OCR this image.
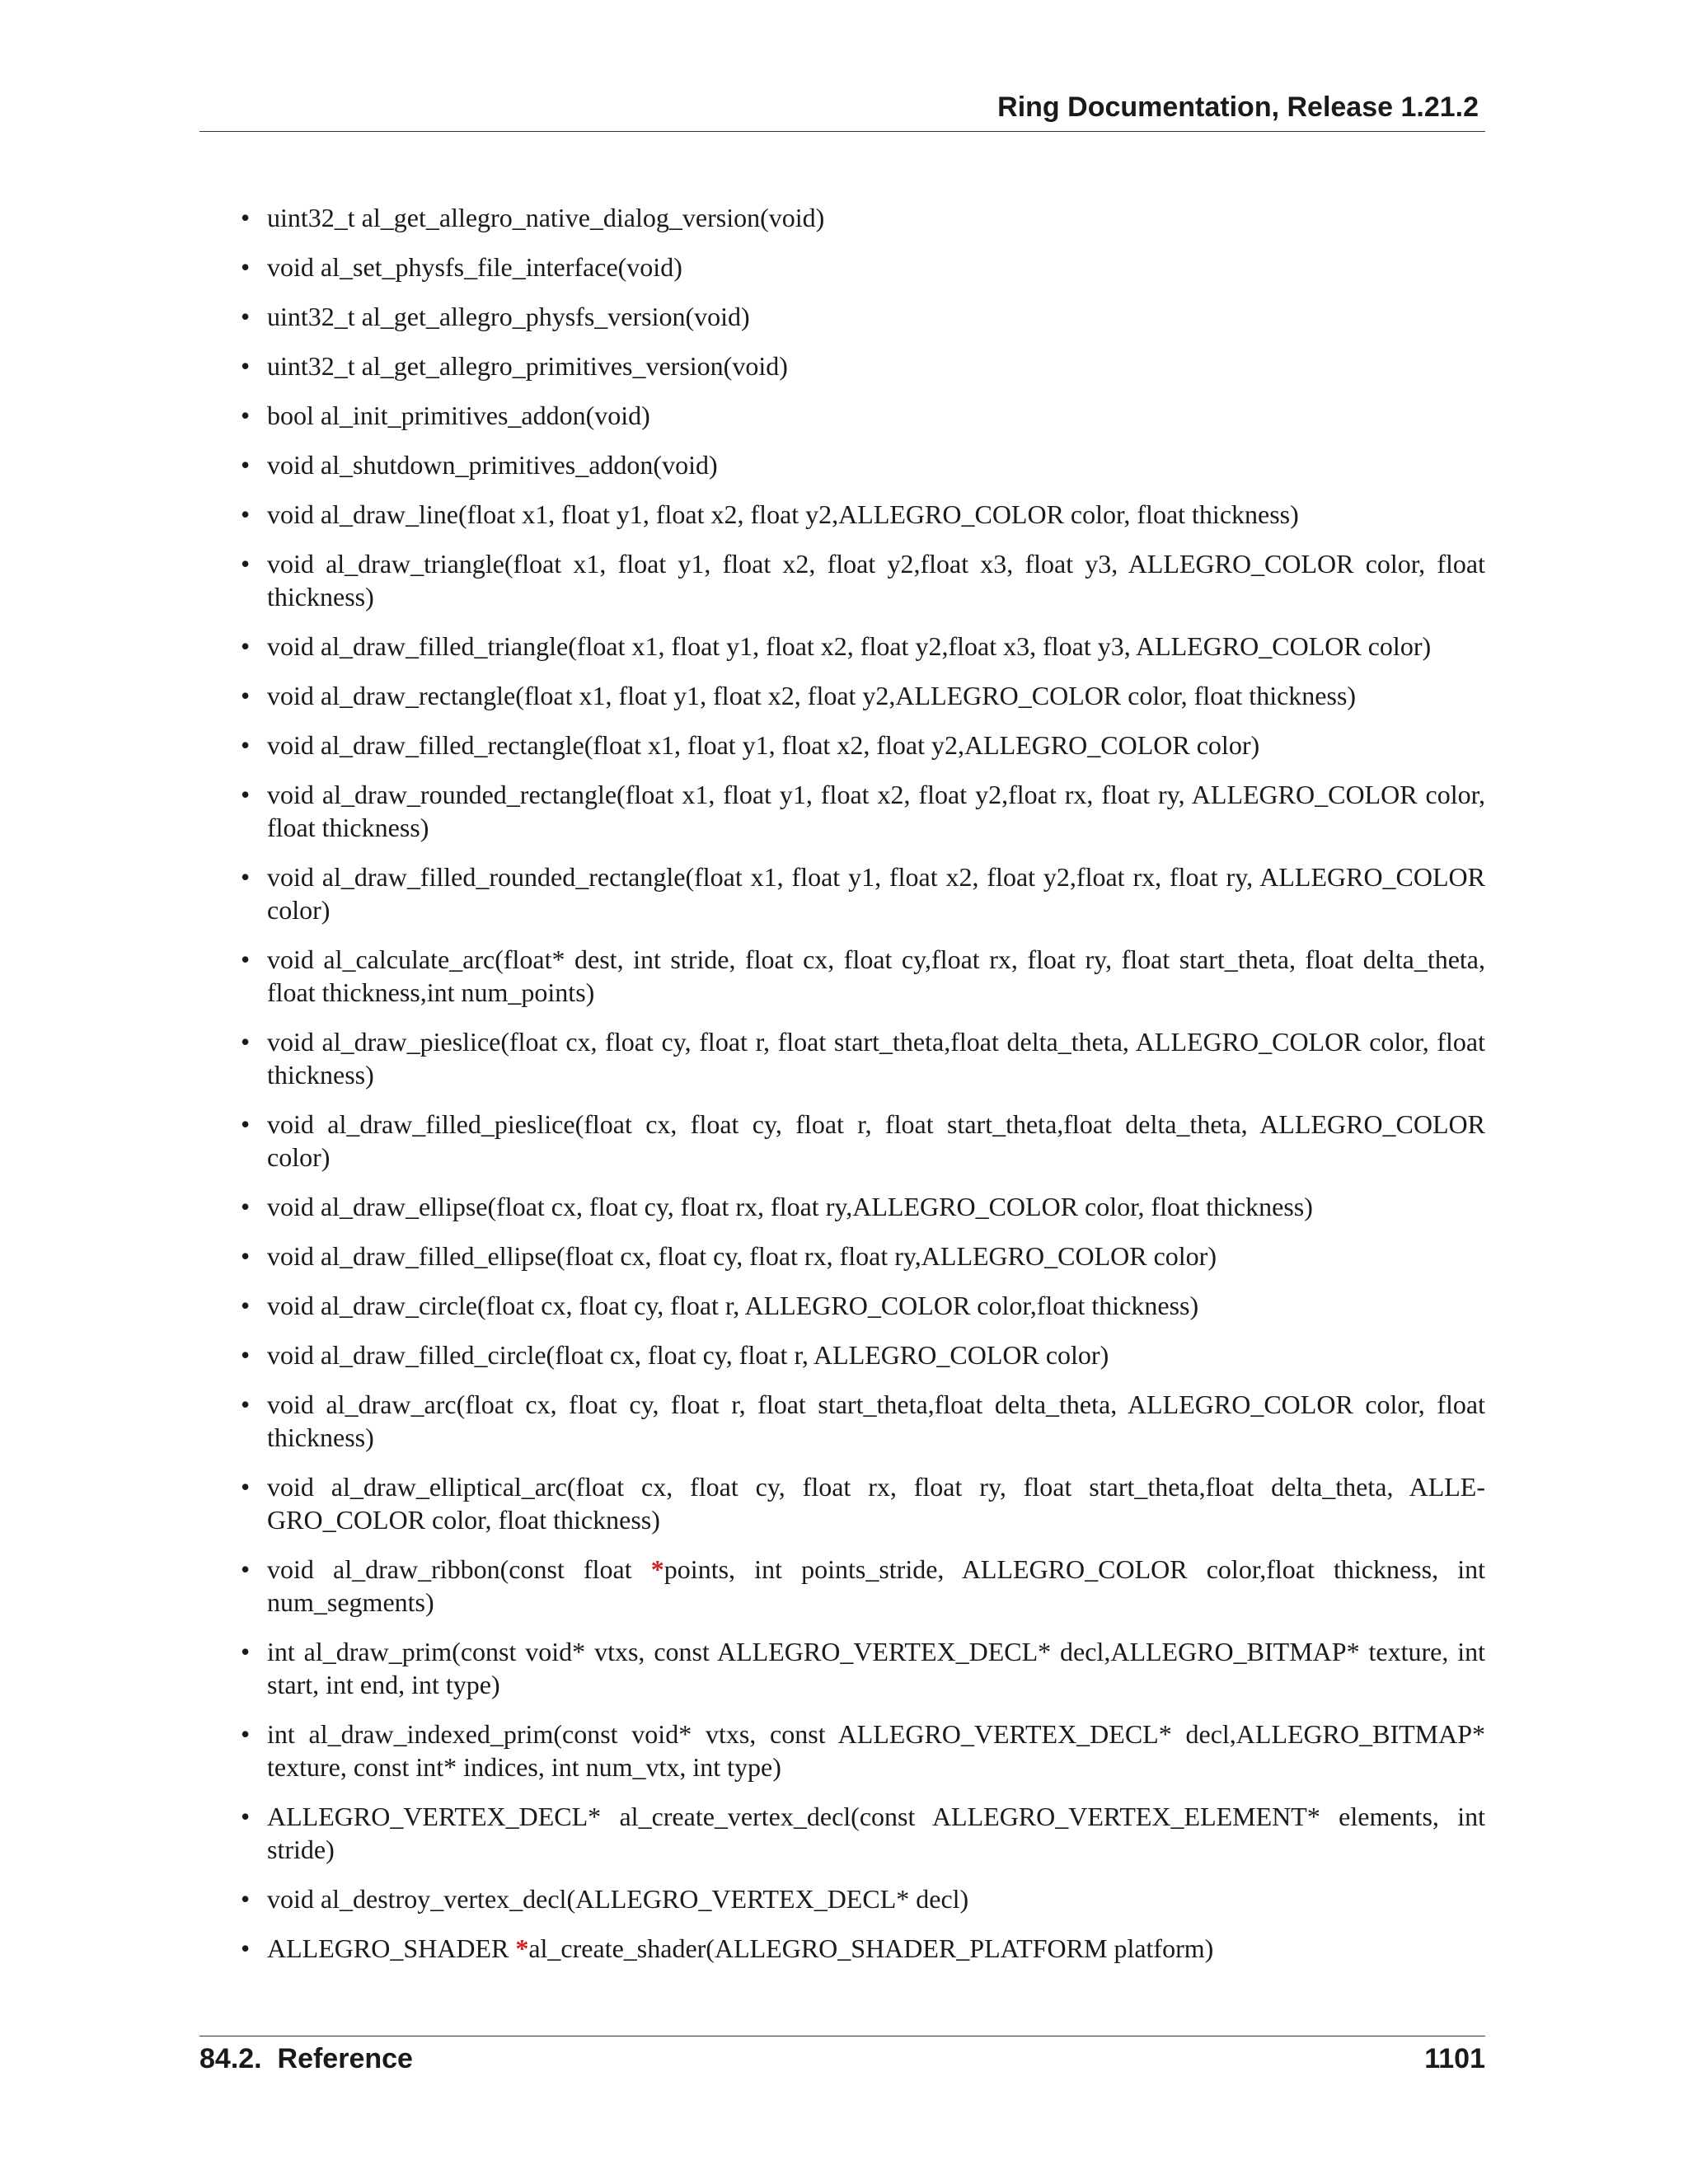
Ring Documentation, Release 1.21.2
• uint32_t al_get_allegro_native_dialog_version(void)
• void al_set_physfs_file_interface(void)
• uint32_t al_get_allegro_physfs_version(void)
• uint32_t al_get_allegro_primitives_version(void)
• bool al_init_primitives_addon(void)
• void al_shutdown_primitives_addon(void)
• void al_draw_line(float x1, float y1, float x2, float y2,ALLEGRO_COLOR color, float thickness)
• void al_draw_triangle(float x1, float y1, float x2, float y2,float x3, float y3, ALLEGRO_COLOR color, float thickness)
• void al_draw_filled_triangle(float x1, float y1, float x2, float y2,float x3, float y3, ALLEGRO_COLOR color)
• void al_draw_rectangle(float x1, float y1, float x2, float y2,ALLEGRO_COLOR color, float thickness)
• void al_draw_filled_rectangle(float x1, float y1, float x2, float y2,ALLEGRO_COLOR color)
• void al_draw_rounded_rectangle(float x1, float y1, float x2, float y2,float rx, float ry, ALLEGRO_COLOR color, float thickness)
• void al_draw_filled_rounded_rectangle(float x1, float y1, float x2, float y2,float rx, float ry, ALLEGRO_COLOR color)
• void al_calculate_arc(float* dest, int stride, float cx, float cy,float rx, float ry, float start_theta, float delta_theta, float thickness,int num_points)
• void al_draw_pieslice(float cx, float cy, float r, float start_theta,float delta_theta, ALLEGRO_COLOR color, float thickness)
• void al_draw_filled_pieslice(float cx, float cy, float r, float start_theta,float delta_theta, ALLEGRO_COLOR color)
• void al_draw_ellipse(float cx, float cy, float rx, float ry,ALLEGRO_COLOR color, float thickness)
• void al_draw_filled_ellipse(float cx, float cy, float rx, float ry,ALLEGRO_COLOR color)
• void al_draw_circle(float cx, float cy, float r, ALLEGRO_COLOR color,float thickness)
• void al_draw_filled_circle(float cx, float cy, float r, ALLEGRO_COLOR color)
• void al_draw_arc(float cx, float cy, float r, float start_theta,float delta_theta, ALLEGRO_COLOR color, float thickness)
• void al_draw_elliptical_arc(float cx, float cy, float rx, float ry, float start_theta,float delta_theta, ALLE-GRO_COLOR color, float thickness)
• void al_draw_ribbon(const float *points, int points_stride, ALLEGRO_COLOR color,float thickness, int num_segments)
• int al_draw_prim(const void* vtxs, const ALLEGRO_VERTEX_DECL* decl,ALLEGRO_BITMAP* texture, int start, int end, int type)
• int al_draw_indexed_prim(const void* vtxs, const ALLEGRO_VERTEX_DECL* decl,ALLEGRO_BITMAP* texture, const int* indices, int num_vtx, int type)
• ALLEGRO_VERTEX_DECL* al_create_vertex_decl(const ALLEGRO_VERTEX_ELEMENT* elements, int stride)
• void al_destroy_vertex_decl(ALLEGRO_VERTEX_DECL* decl)
• ALLEGRO_SHADER *al_create_shader(ALLEGRO_SHADER_PLATFORM platform)
84.2.  Reference	1101
